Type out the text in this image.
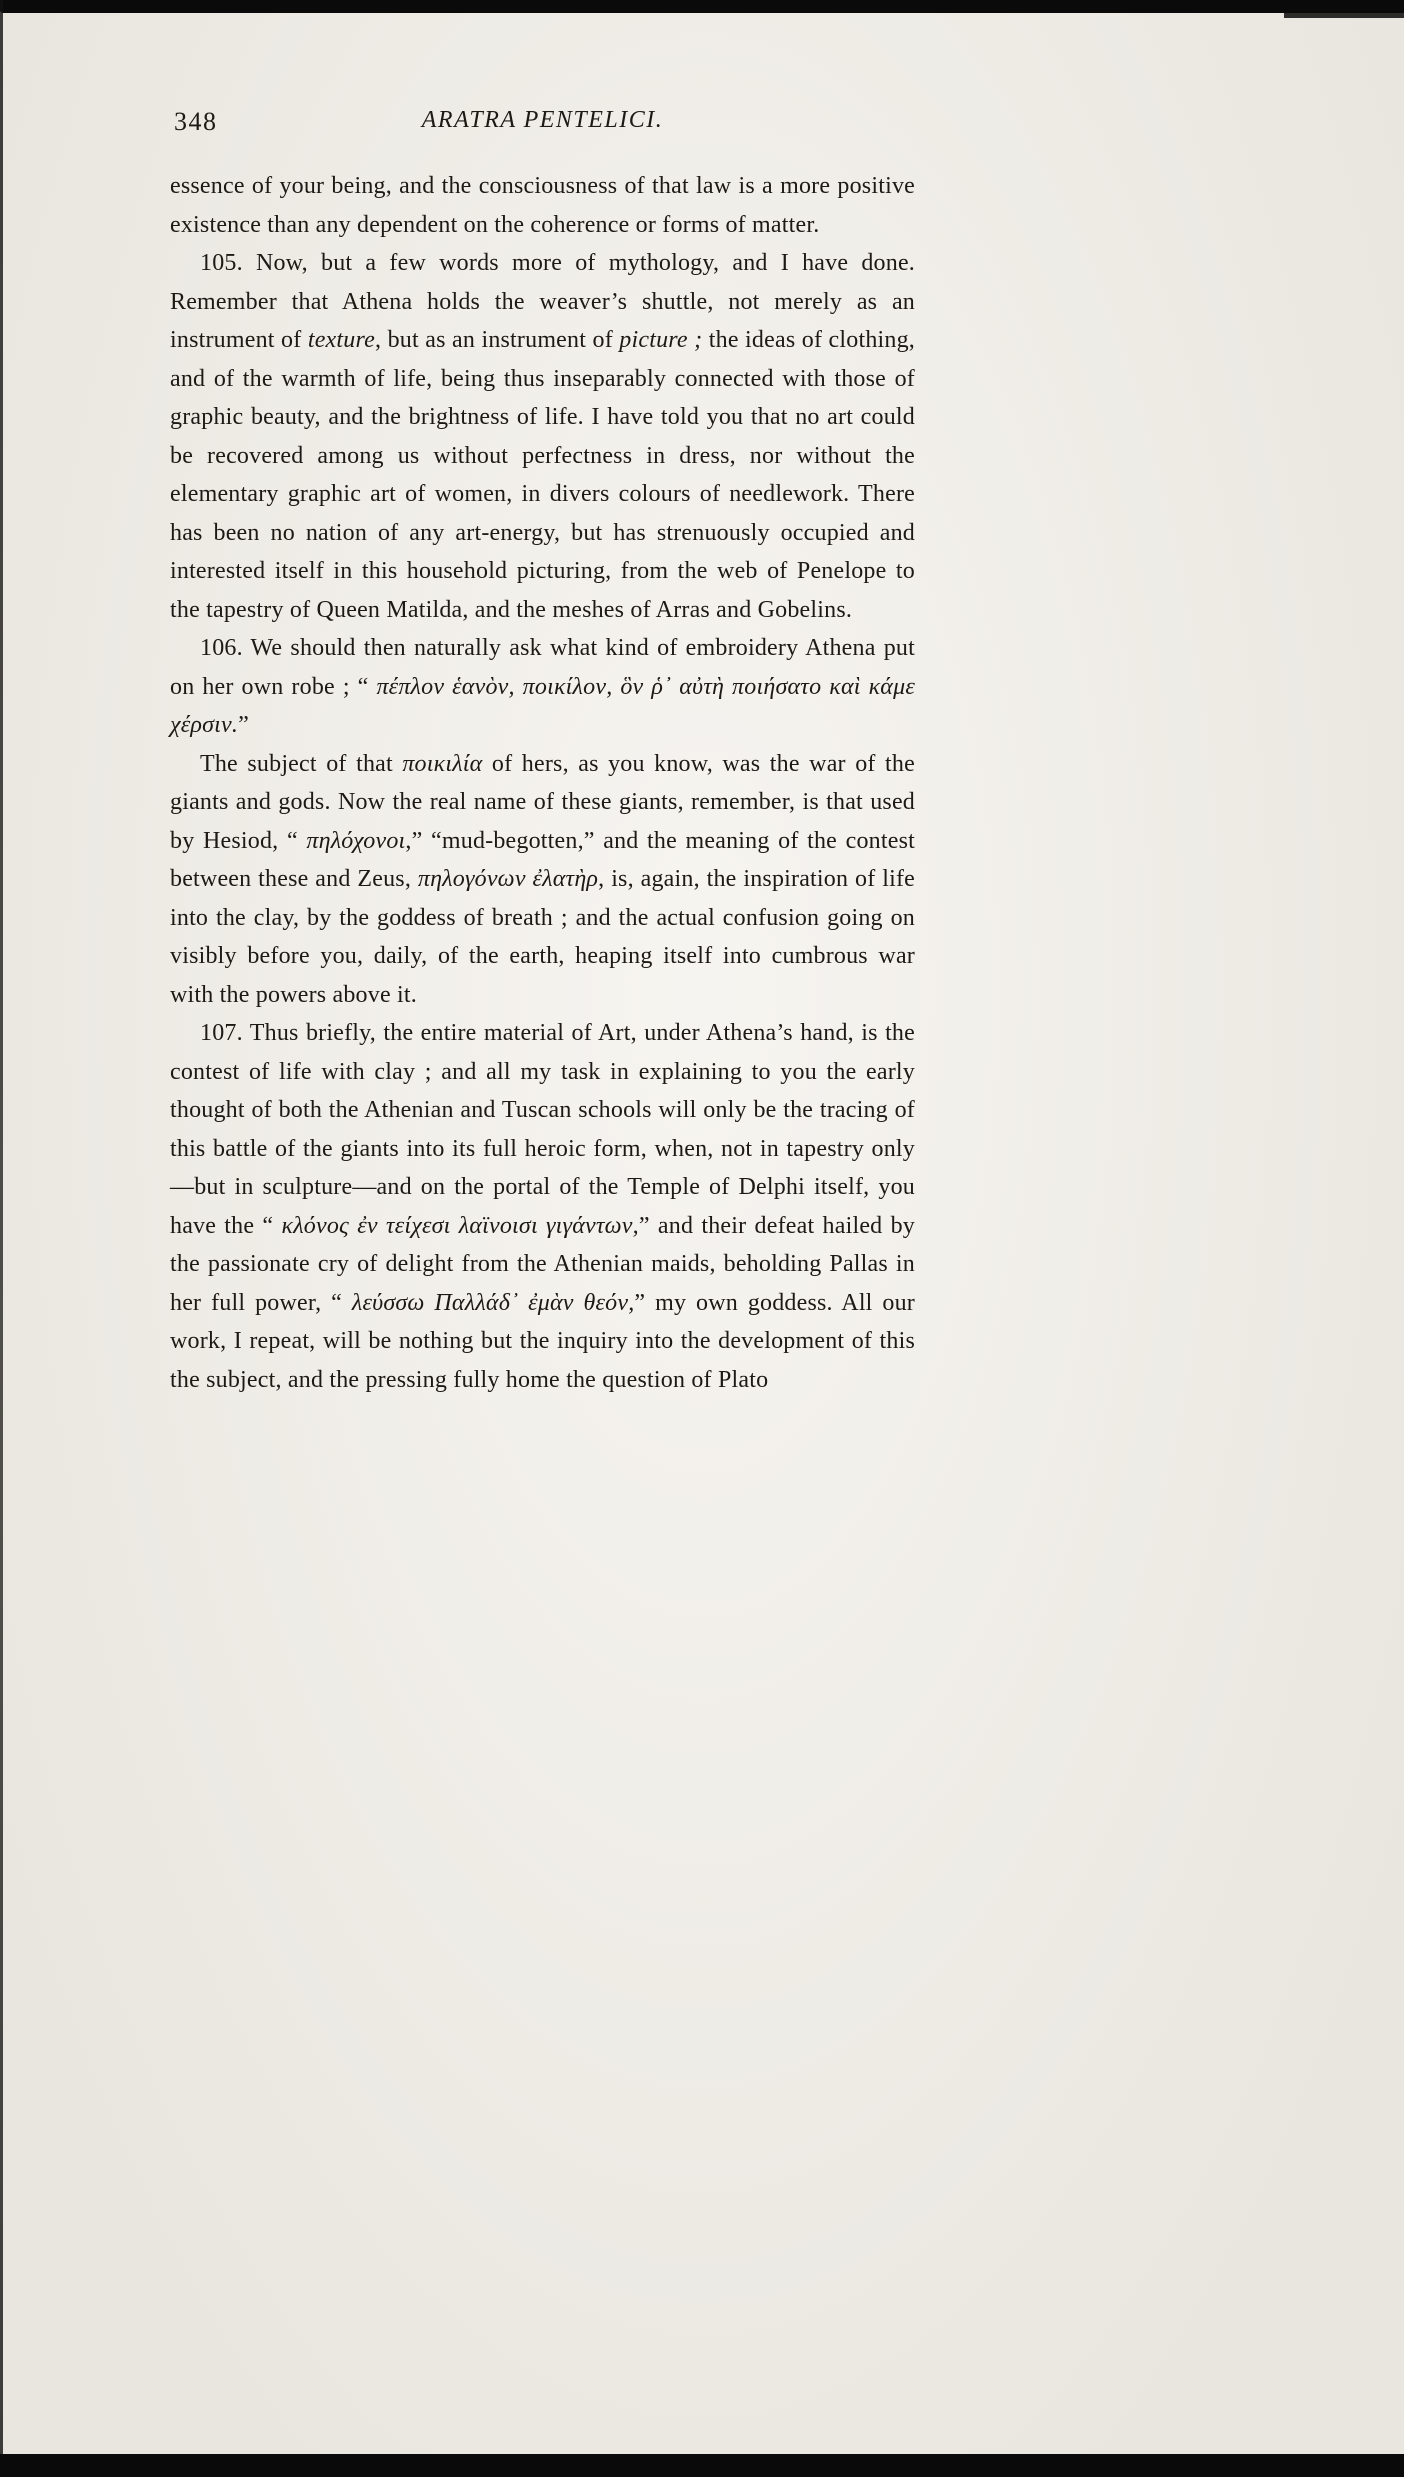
348	ARATRA PENTELICI.

essence of your being, and the consciousness of that law is a more positive existence than any dependent on the coherence or forms of matter.

105. Now, but a few words more of mythology, and I have done. Remember that Athena holds the weaver’s shuttle, not merely as an instrument of texture, but as an instrument of picture ; the ideas of clothing, and of the warmth of life, being thus inseparably connected with those of graphic beauty, and the brightness of life. I have told you that no art could be recovered among us without perfectness in dress, nor without the elementary graphic art of women, in divers colours of needlework. There has been no nation of any art-energy, but has strenuously occupied and interested itself in this household picturing, from the web of Penelope to the tapestry of Queen Matilda, and the meshes of Arras and Gobelins.

106. We should then naturally ask what kind of embroidery Athena put on her own robe ; “ πέπλον ἑανὸν, ποικίλον, ὃν ῥ᾽ αὐτὴ ποιήσατο καὶ κάμε χέρσιν.”

The subject of that ποικιλία of hers, as you know, was the war of the giants and gods. Now the real name of these giants, remember, is that used by Hesiod, “ πηλόχονοι,” “mud-begotten,” and the meaning of the contest between these and Zeus, πηλογόνων ἐλατὴρ, is, again, the inspiration of life into the clay, by the goddess of breath ; and the actual confusion going on visibly before you, daily, of the earth, heaping itself into cumbrous war with the powers above it.

107. Thus briefly, the entire material of Art, under Athena’s hand, is the contest of life with clay ; and all my task in explaining to you the early thought of both the Athenian and Tuscan schools will only be the tracing of this battle of the giants into its full heroic form, when, not in tapestry only—but in sculpture—and on the portal of the Temple of Delphi itself, you have the “ κλόνος ἐν τείχεσι λαϊνοισι γιγάντων,” and their defeat hailed by the passionate cry of delight from the Athenian maids, beholding Pallas in her full power, “ λεύσσω Παλλάδ᾽ ἐμὰν θεόν,” my own goddess. All our work, I repeat, will be nothing but the inquiry into the development of this the subject, and the pressing fully home the question of Plato
